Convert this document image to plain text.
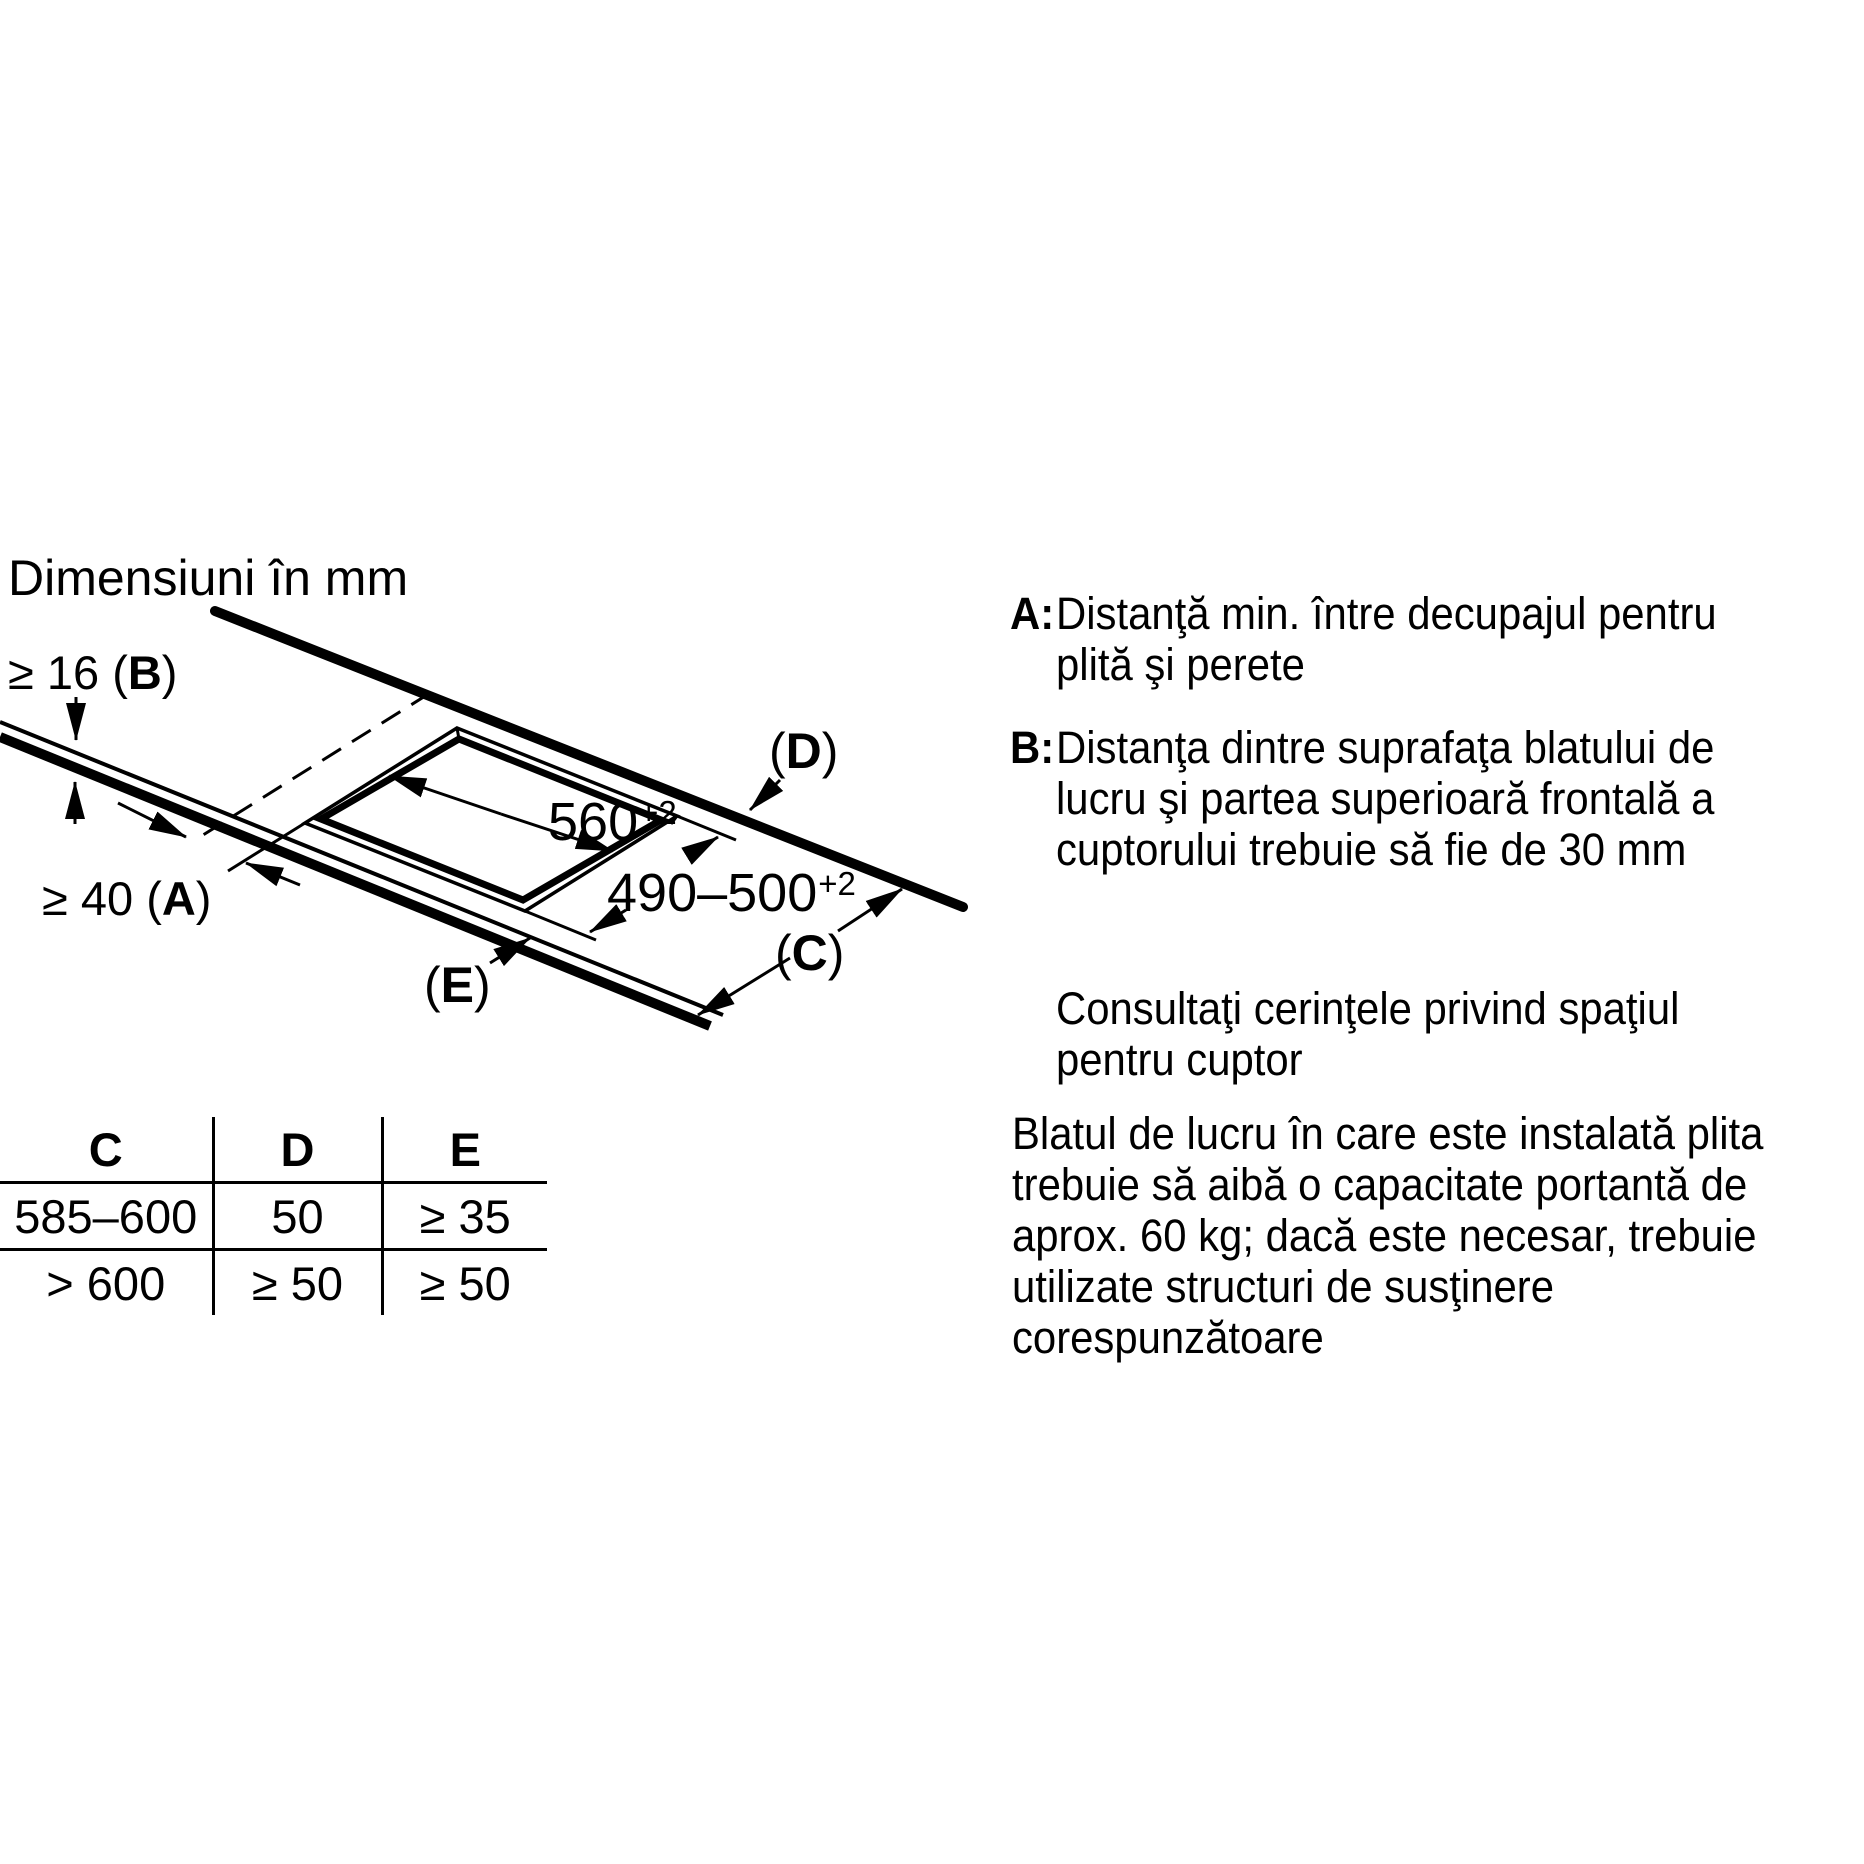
Dimensiuni în mm
≥ 16 (B)
≥ 40 (A)
$560^{+2}$
$490-500^{+2}$
(D)
(C)
(E)
C	D	E
585–600	50	≥ 35
> 600	≥ 50	≥ 50
A: Distanţă min. între decupajul pentru
plită şi perete
B: Distanţa dintre suprafaţa blatului de
lucru şi partea superioară frontală a
cuptorului trebuie să fie de 30 mm
Consultaţi cerinţele privind spaţiul
pentru cuptor
Blatul de lucru în care este instalată plita
trebuie să aibă o capacitate portantă de
aprox. 60 kg; dacă este necesar, trebuie
utilizate structuri de susţinere
corespunzătoare
